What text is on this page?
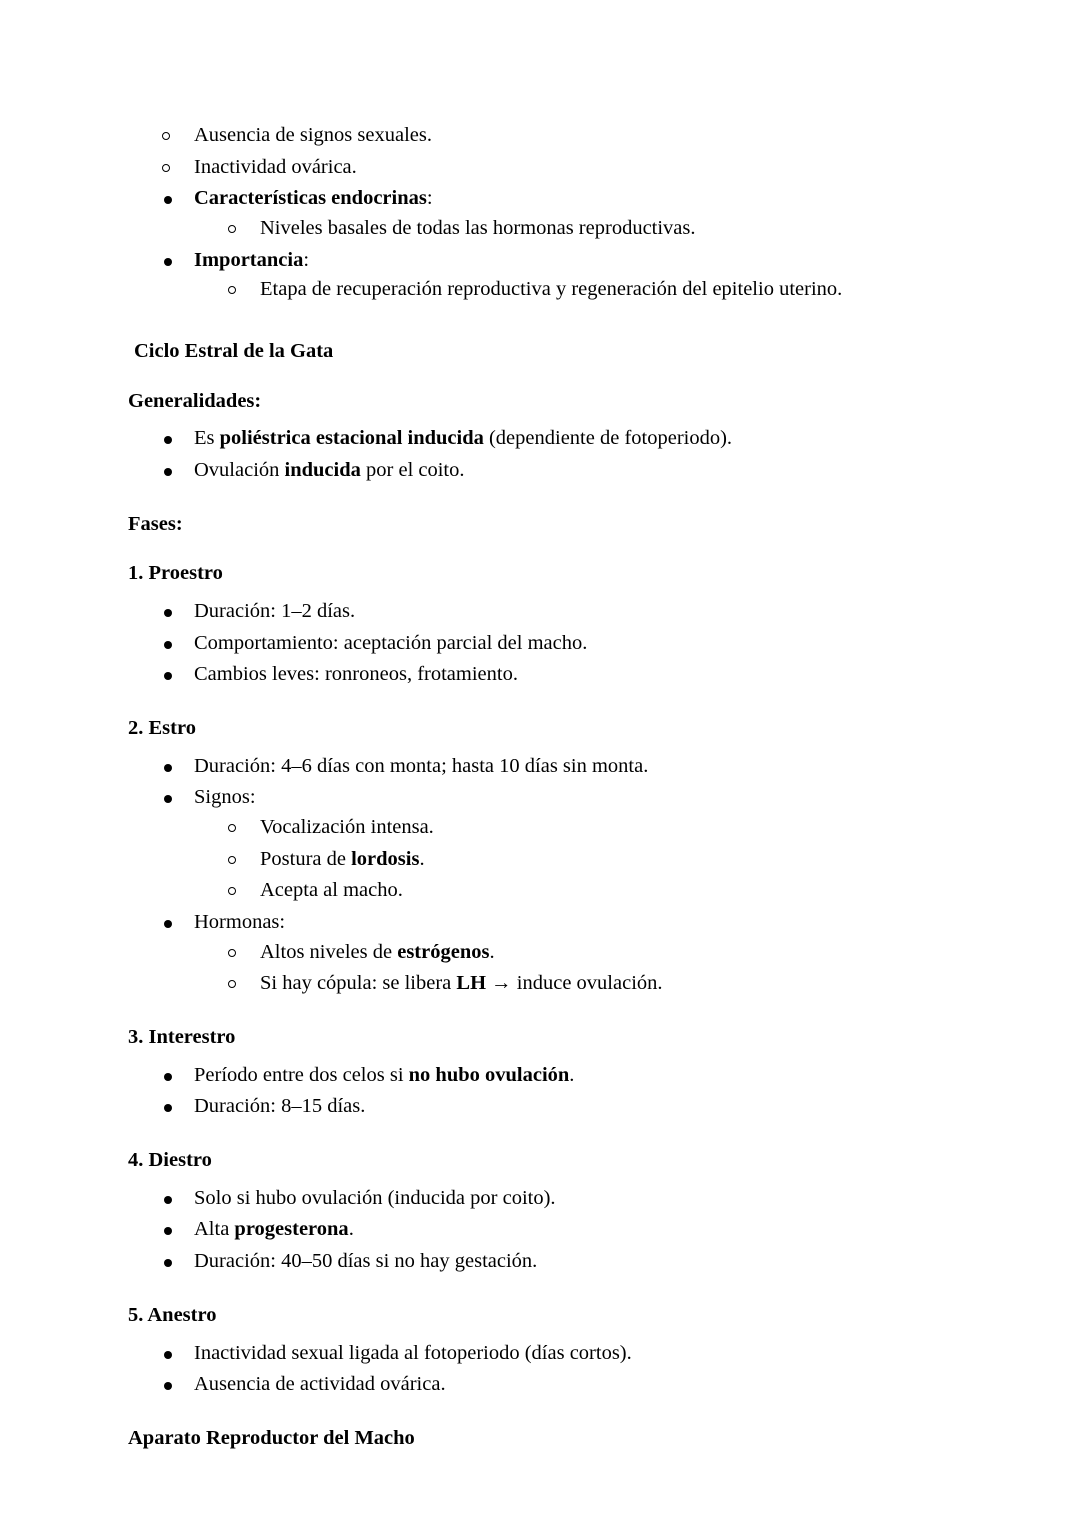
Ausencia de signos sexuales.
Inactividad ovárica.
Características endocrinas:
Niveles basales de todas las hormonas reproductivas.
Importancia:
Etapa de recuperación reproductiva y regeneración del epitelio uterino.

Ciclo Estral de la Gata

Generalidades:

Es poliéstrica estacional inducida (dependiente de fotoperiodo).
Ovulación inducida por el coito.

Fases:

1. Proestro

Duración: 1–2 días.
Comportamiento: aceptación parcial del macho.
Cambios leves: ronroneos, frotamiento.

2. Estro

Duración: 4–6 días con monta; hasta 10 días sin monta.
Signos:
Vocalización intensa.
Postura de lordosis.
Acepta al macho.
Hormonas:
Altos niveles de estrógenos.
Si hay cópula: se libera LH → induce ovulación.

3. Interestro

Período entre dos celos si no hubo ovulación.
Duración: 8–15 días.

4. Diestro

Solo si hubo ovulación (inducida por coito).
Alta progesterona.
Duración: 40–50 días si no hay gestación.

5. Anestro

Inactividad sexual ligada al fotoperiodo (días cortos).
Ausencia de actividad ovárica.

Aparato Reproductor del Macho
